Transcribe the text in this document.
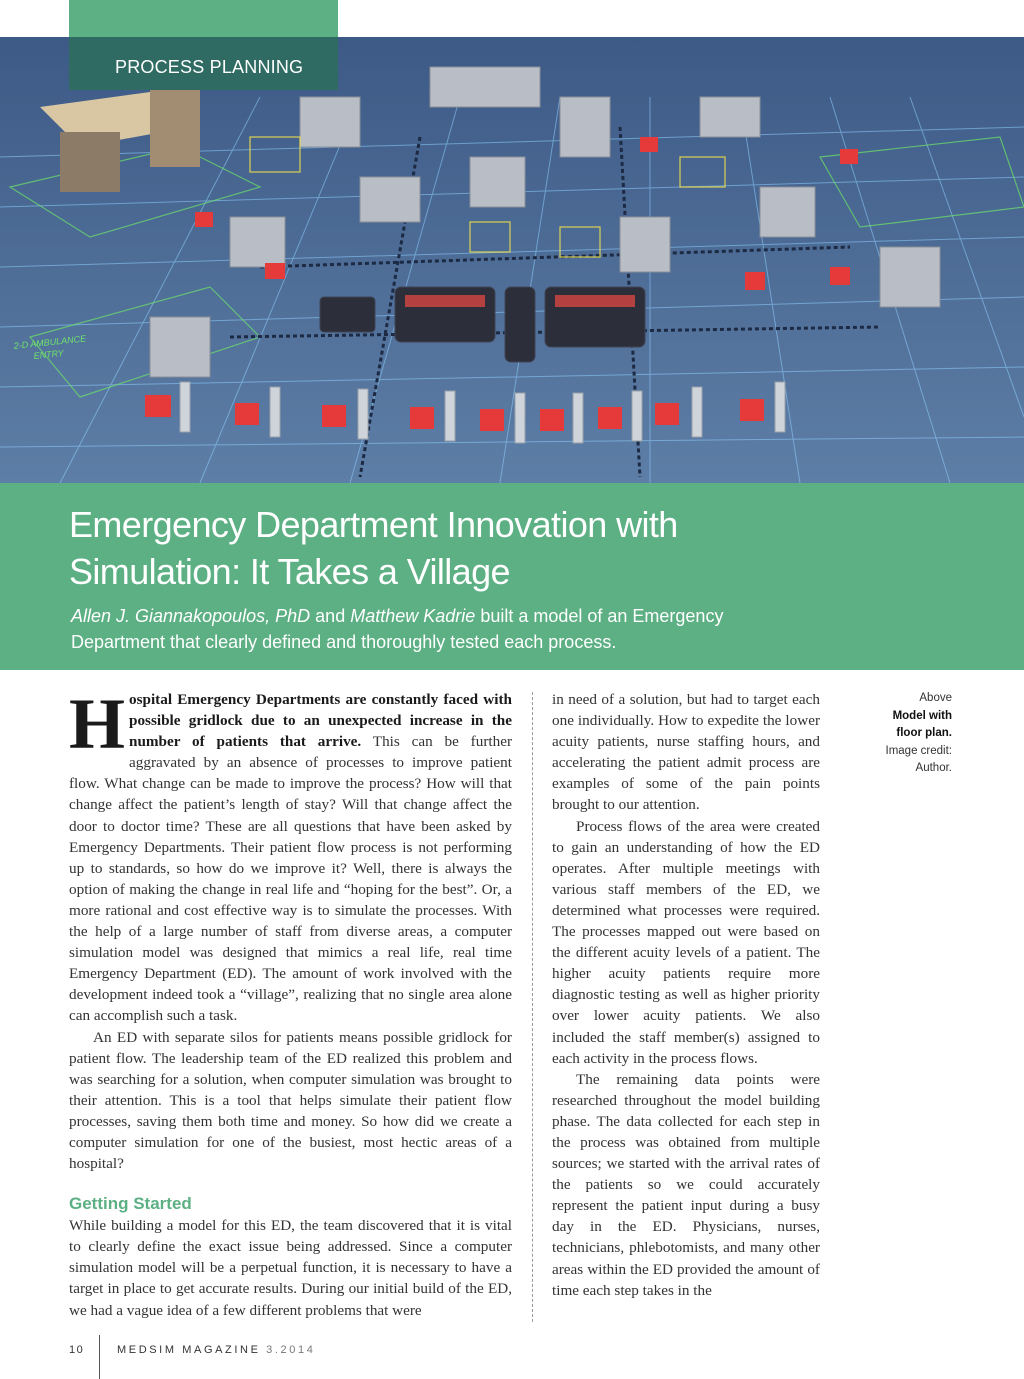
2-D AMBULANCE
ENTRY
PROCESS PLANNING
Emergency Department Innovation with
Simulation: It Takes a Village
Allen J. Giannakopoulos, PhD and Matthew Kadrie built a model of an Emergency
Department that clearly defined and thoroughly tested each process.

Hospital Emergency Departments are constantly faced with possible gridlock due to an unexpected increase in the number of patients that arrive. This can be further aggravated by an absence of processes to improve patient flow. What change can be made to improve the process? How will that change affect the patient’s length of stay? Will that change affect the door to doctor time? These are all questions that have been asked by Emergency Departments. Their patient flow process is not performing up to standards, so how do we improve it? Well, there is always the option of making the change in real life and “hoping for the best”. Or, a more rational and cost effective way is to simulate the processes. With the help of a large number of staff from diverse areas, a computer simulation model was designed that mimics a real life, real time Emergency Department (ED). The amount of work involved with the development indeed took a “village”, realizing that no single area alone can accomplish such a task.

An ED with separate silos for patients means possible gridlock for patient flow. The leadership team of the ED realized this problem and was searching for a solution, when computer simulation was brought to their attention. This is a tool that helps simulate their patient flow processes, saving them both time and money. So how did we create a computer simulation for one of the busiest, most hectic areas of a hospital?

Getting Started

While building a model for this ED, the team discovered that it is vital to clearly define the exact issue being addressed. Since a computer simulation model will be a perpetual function, it is necessary to have a target in place to get accurate results. During our initial build of the ED, we had a vague idea of a few different problems that were

in need of a solution, but had to target each one individually. How to expedite the lower acuity patients, nurse staffing hours, and accelerating the patient admit process are examples of some of the pain points brought to our attention.

Process flows of the area were created to gain an understanding of how the ED operates. After multiple meetings with various staff members of the ED, we determined what processes were required. The processes mapped out were based on the different acuity levels of a patient. The higher acuity patients require more diagnostic testing as well as higher priority over lower acuity patients. We also included the staff member(s) assigned to each activity in the process flows.

The remaining data points were researched throughout the model building phase. The data collected for each step in the process was obtained from multiple sources; we started with the arrival rates of the patients so we could accurately represent the patient input during a busy day in the ED. Physicians, nurses, technicians, phlebotomists, and many other areas within the ED provided the amount of time each step takes in the

Above
Model with
floor plan.
Image credit:
Author.
10	MEDSIM MAGAZINE 3.2014
